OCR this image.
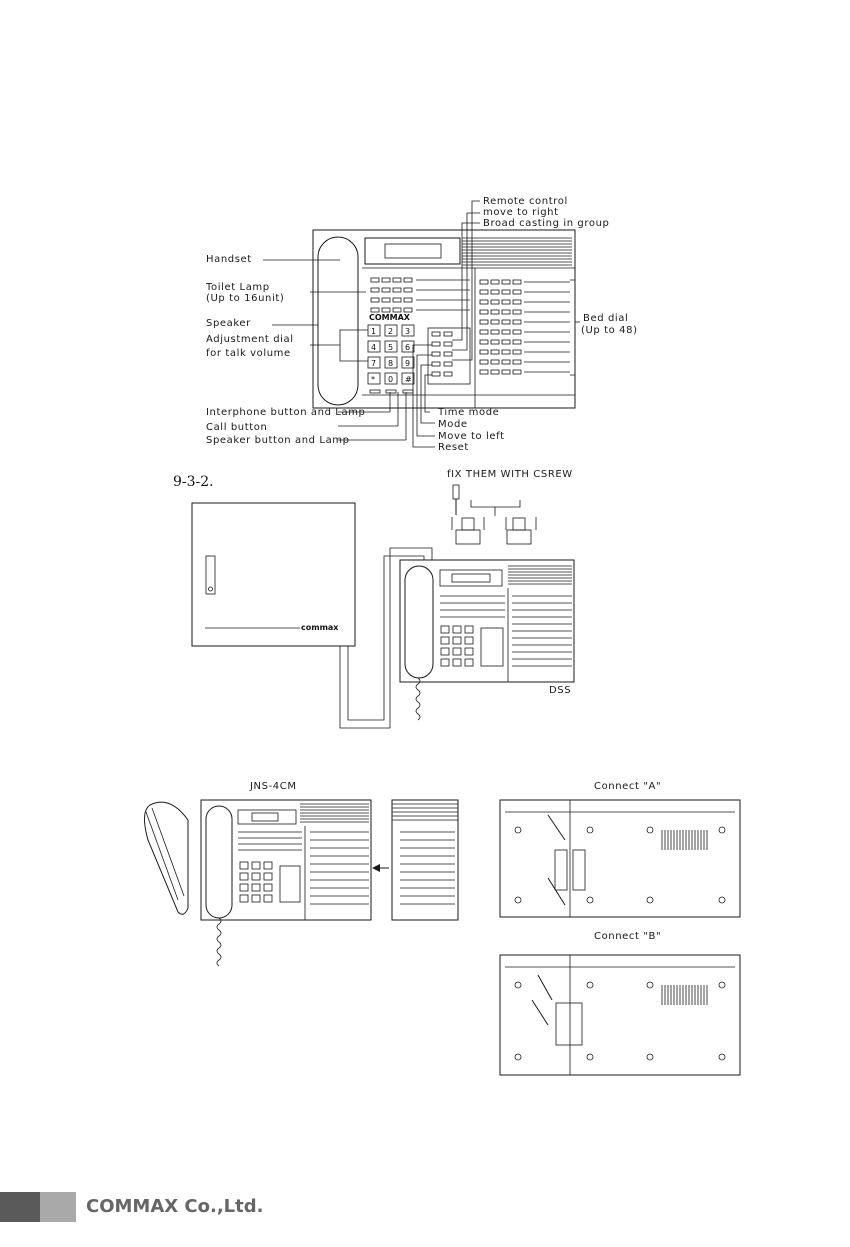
COMMAX
1 2 3
4 5 6
7 8 9
* 0 #
Handset
Toilet Lamp
(Up to 16unit)
Speaker
Adjustment dial
for talk volume
Interphone button and Lamp
Call button
Speaker button and Lamp
Remote control
move to right
Broad casting in group
Bed dial
(Up to 48)
Time mode
Mode
Move to left
Reset
9-3-2.	fIX THEM WITH CSREW
commax
DSS
JNS-4CM	Connect "A"
Connect "B"
COMMAX Co.,Ltd.
